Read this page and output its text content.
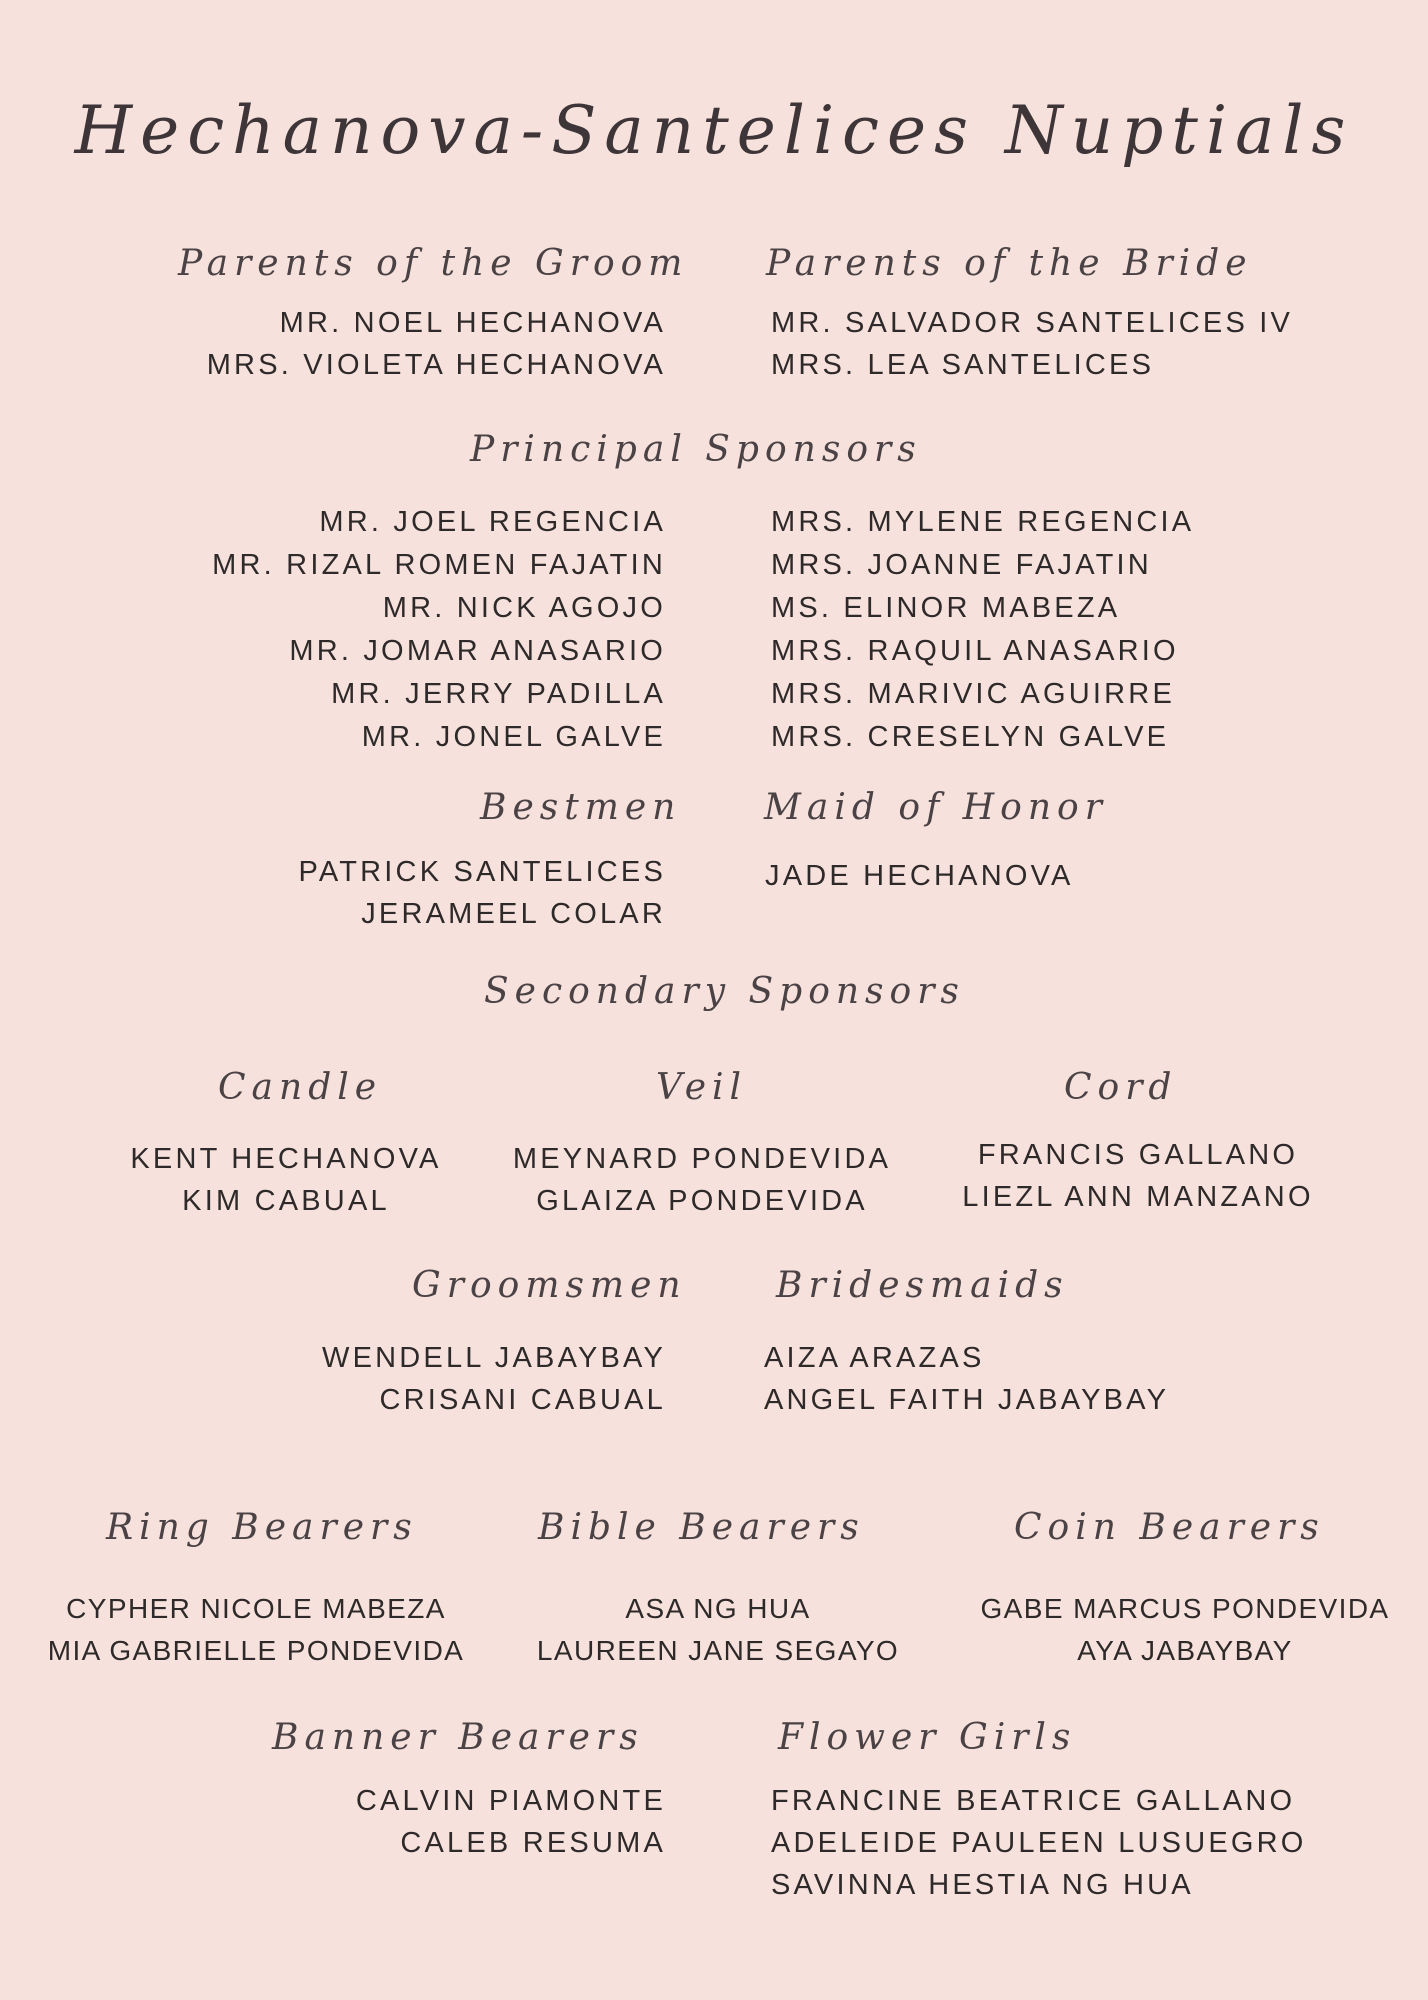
Hechanova-Santelices Nuptials
Parents of the Groom
MR. NOEL HECHANOVA
MRS. VIOLETA HECHANOVA
Parents of the Bride
MR. SALVADOR SANTELICES IV
MRS. LEA SANTELICES
Principal Sponsors
MR. JOEL REGENCIA
MR. RIZAL ROMEN FAJATIN
MR. NICK AGOJO
MR. JOMAR ANASARIO
MR. JERRY PADILLA
MR. JONEL GALVE
MRS. MYLENE REGENCIA
MRS. JOANNE FAJATIN
MS. ELINOR MABEZA
MRS. RAQUIL ANASARIO
MRS. MARIVIC AGUIRRE
MRS. CRESELYN GALVE
Bestmen
PATRICK SANTELICES
JERAMEEL COLAR
Maid of Honor
JADE HECHANOVA
Secondary Sponsors
Candle
KENT HECHANOVA
KIM CABUAL
Veil
MEYNARD PONDEVIDA
GLAIZA PONDEVIDA
Cord
FRANCIS GALLANO
LIEZL ANN MANZANO
Groomsmen
WENDELL JABAYBAY
CRISANI CABUAL
Bridesmaids
AIZA ARAZAS
ANGEL FAITH JABAYBAY
Ring Bearers
CYPHER NICOLE MABEZA
MIA GABRIELLE PONDEVIDA
Bible Bearers
ASA NG HUA
LAUREEN JANE SEGAYO
Coin Bearers
GABE MARCUS PONDEVIDA
AYA JABAYBAY
Banner Bearers
CALVIN PIAMONTE
CALEB RESUMA
Flower Girls
FRANCINE BEATRICE GALLANO
ADELEIDE PAULEEN LUSUEGRO
SAVINNA HESTIA NG HUA
